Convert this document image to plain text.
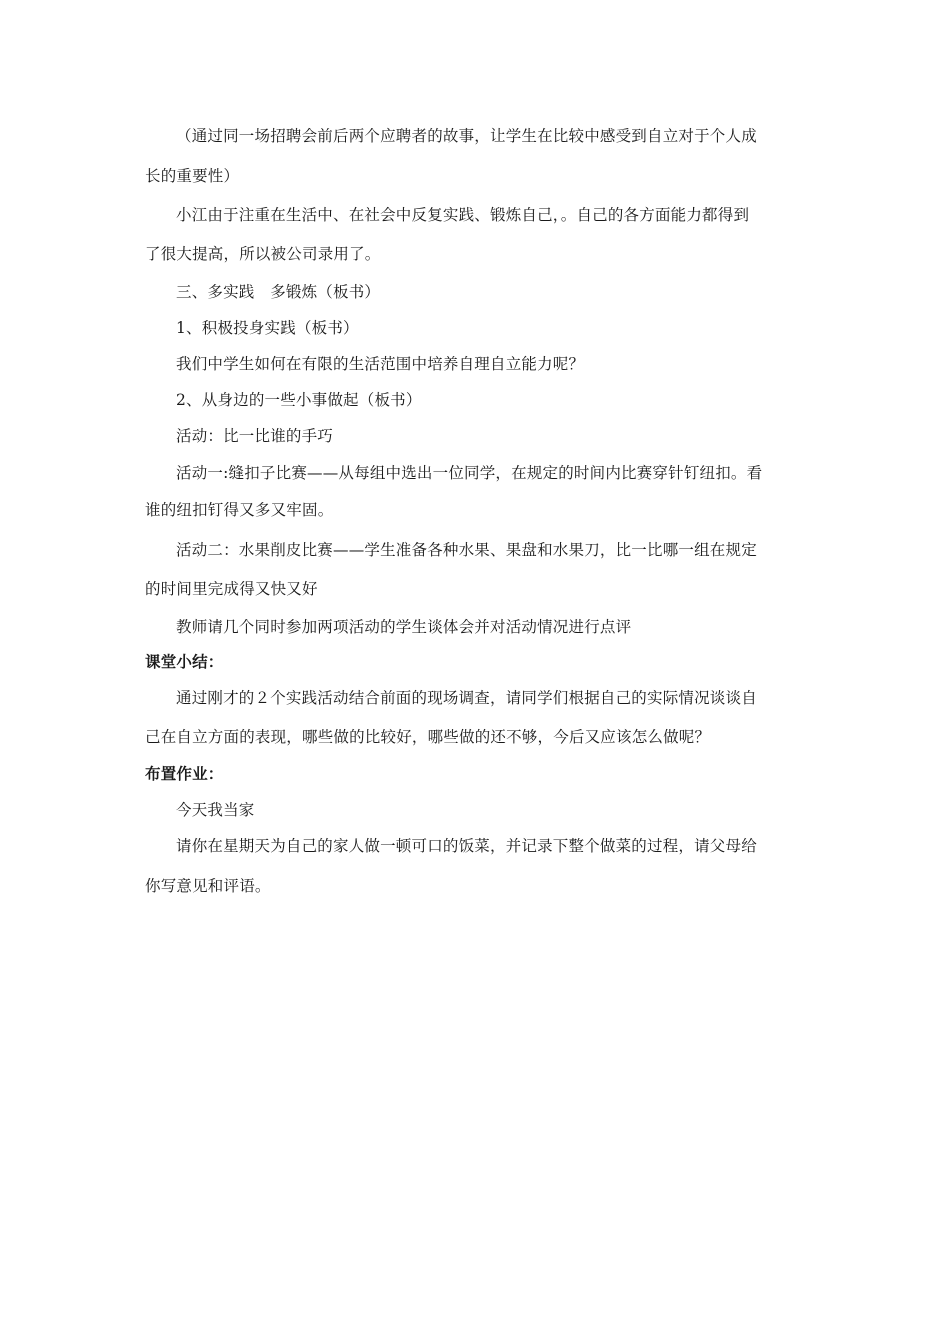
（通过同一场招聘会前后两个应聘者的故事，让学生在比较中感受到自立对于个人成
长的重要性）
小江由于注重在生活中、在社会中反复实践、锻炼自己，。自己的各方面能力都得到
了很大提高，所以被公司录用了。
三、多实践　多锻炼（板书）
1、积极投身实践（板书）
我们中学生如何在有限的生活范围中培养自理自立能力呢？
2、从身边的一些小事做起（板书）
活动：比一比谁的手巧
活动一:缝扣子比赛——从每组中选出一位同学，在规定的时间内比赛穿针钉纽扣。看
谁的纽扣钉得又多又牢固。
活动二：水果削皮比赛——学生准备各种水果、果盘和水果刀，比一比哪一组在规定
的时间里完成得又快又好
教师请几个同时参加两项活动的学生谈体会并对活动情况进行点评
课堂小结：
通过刚才的２个实践活动结合前面的现场调查，请同学们根据自己的实际情况谈谈自
己在自立方面的表现，哪些做的比较好，哪些做的还不够，今后又应该怎么做呢？
布置作业：
今天我当家
请你在星期天为自己的家人做一顿可口的饭菜，并记录下整个做菜的过程，请父母给
你写意见和评语。
